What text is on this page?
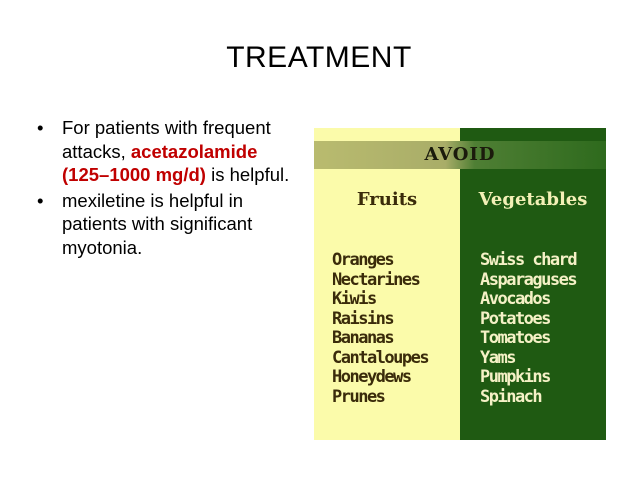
TREATMENT
• For patients with frequent attacks, acetazolamide (125–1000 mg/d) is helpful.
• mexiletine is helpful in patients with significant myotonia.
Fruits
Oranges
Nectarines
Kiwis
Raisins
Bananas
Cantaloupes
Honeydews
Prunes
Vegetables
Swiss chard
Asparaguses
Avocados
Potatoes
Tomatoes
Yams
Pumpkins
Spinach
AVOID
